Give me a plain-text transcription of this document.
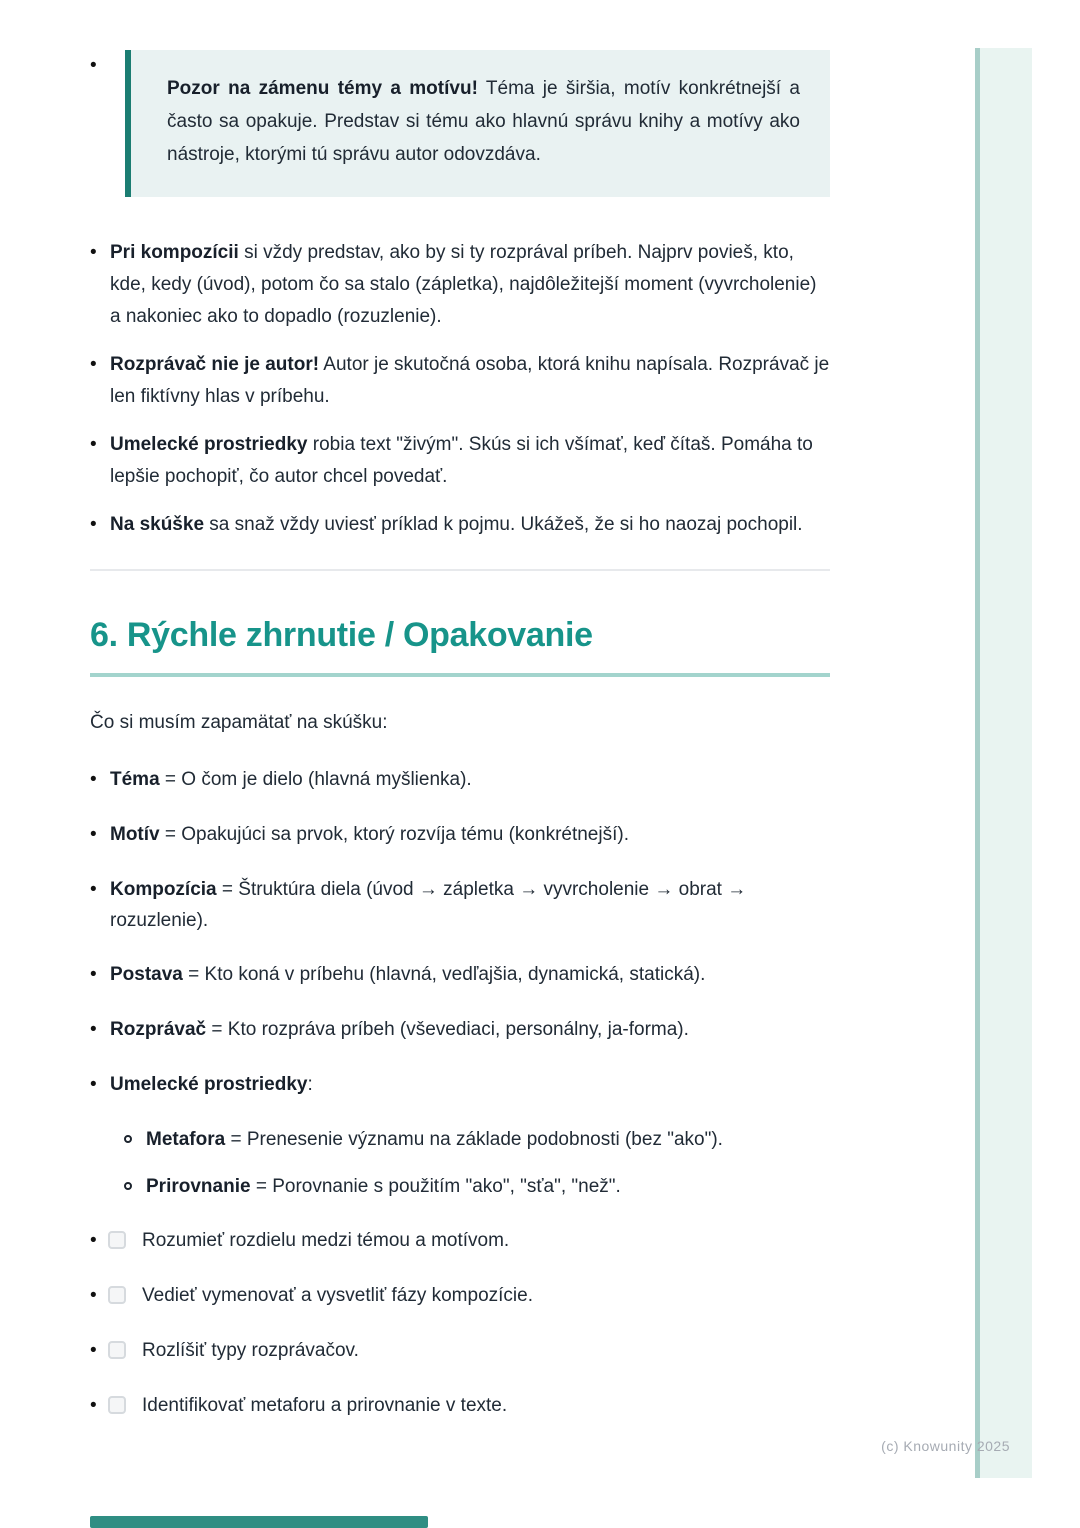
•

Pozor na zámenu témy a motívu! Téma je širšia, motív konkrétnejší a často sa opakuje. Predstav si tému ako hlavnú správu knihy a motívy ako nástroje, ktorými tú správu autor odovzdáva.

•

Pri kompozícii si vždy predstav, ako by si ty rozprával príbeh. Najprv povieš, kto, kde, kedy (úvod), potom čo sa stalo (zápletka), najdôležitejší moment (vyvrcholenie) a nakoniec ako to dopadlo (rozuzlenie).

•

Rozprávač nie je autor! Autor je skutočná osoba, ktorá knihu napísala. Rozprávač je len fiktívny hlas v príbehu.

•

Umelecké prostriedky robia text "živým". Skús si ich všímať, keď čítaš. Pomáha to lepšie pochopiť, čo autor chcel povedať.

•

Na skúške sa snaž vždy uviesť príklad k pojmu. Ukážeš, že si ho naozaj pochopil.

6. Rýchle zhrnutie / Opakovanie

Čo si musím zapamätať na skúšku:

•

Téma = O čom je dielo (hlavná myšlienka).

•

Motív = Opakujúci sa prvok, ktorý rozvíja tému (konkrétnejší).

•

Kompozícia = Štruktúra diela (úvod → zápletka → vyvrcholenie → obrat → rozuzlenie).

•

Postava = Kto koná v príbehu (hlavná, vedľajšia, dynamická, statická).

•

Rozprávač = Kto rozpráva príbeh (vševediaci, personálny, ja-forma).

•

Umelecké prostriedky:

Metafora = Prenesenie významu na základe podobnosti (bez "ako").

Prirovnanie = Porovnanie s použitím "ako", "sťa", "než".

•

Rozumieť rozdielu medzi témou a motívom.

•

Vedieť vymenovať a vysvetliť fázy kompozície.

•

Rozlíšiť typy rozprávačov.

•

Identifikovať metaforu a prirovnanie v texte.

(c) Knowunity 2025
